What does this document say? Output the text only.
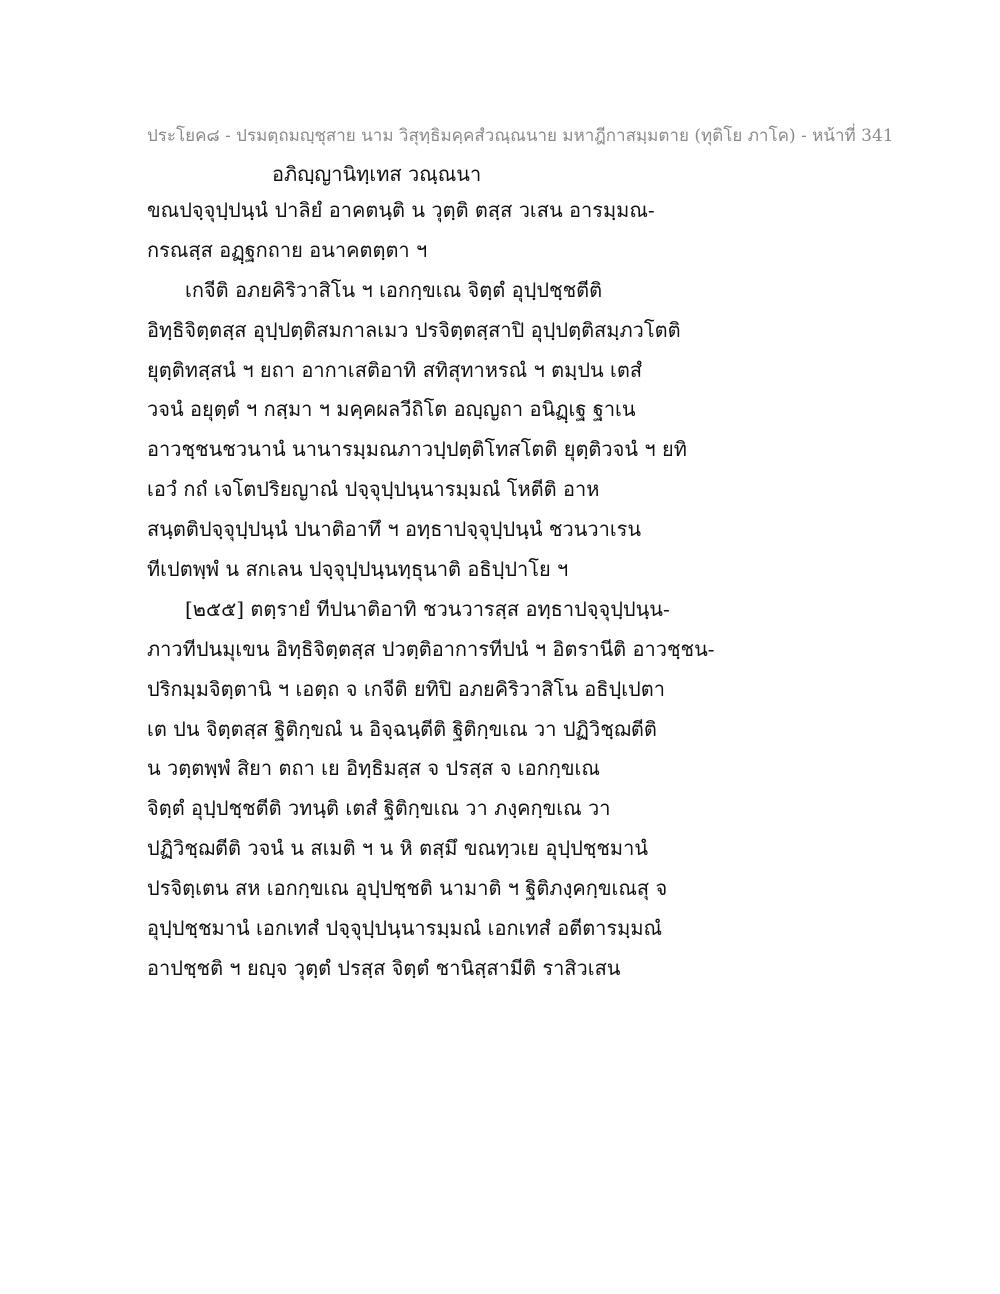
ประโยค๘ - ปรมตฺถมญฺชุสาย นาม วิสุทฺธิมคฺคสํวณฺณนาย มหาฎีกาสมฺมตาย (ทุติโย ภาโค) - หน้าที่ 341
อภิญฺญานิทฺเทส วณฺณนา
ขณปจฺจุปฺปนฺนํ ปาลิยํ อาคตนฺติ น วุตฺติ ตสฺส วเสน อารมฺมณ-
กรณสฺส อฏฺฐกถาย อนาคตตฺตา ฯ
เกจีติ อภยคิริวาสิโน ฯ เอกกฺขเณ จิตฺตํ อุปฺปชฺชตีติ
อิทฺธิจิตฺตสฺส อุปฺปตฺติสมกาลเมว ปรจิตฺตสฺสาปิ อุปฺปตฺติสมฺภวโตติ
ยุตฺติทสฺสนํ ฯ ยถา อากาเสติอาทิ สทิสุทาหรณํ ฯ ตมฺปน เตสํ
วจนํ อยุตฺตํ ฯ กสฺมา ฯ มคฺคผลวีถิโต อญฺญถา อนิฏฺเฐ ฐาเน
อาวชฺชนชวนานํ นานารมฺมณภาวปฺปตฺติโทสโตติ ยุตฺติวจนํ ฯ ยทิ
เอวํ กถํ เจโตปริยญาณํ ปจฺจุปฺปนฺนารมฺมณํ โหตีติ อาห
สนฺตติปจฺจุปฺปนฺนํ ปนาติอาทึ ฯ อทฺธาปจฺจุปฺปนฺนํ ชวนวาเรน
ทีเปตพฺพํ น สกเลน ปจฺจุปฺปนฺนทฺธุนาติ อธิปฺปาโย ฯ
[๒๕๕] ตตฺรายํ ทีปนาติอาทิ ชวนวารสฺส อทฺธาปจฺจุปฺปนฺน-
ภาวทีปนมุเขน อิทฺธิจิตฺตสฺส ปวตฺติอาการทีปนํ ฯ อิตรานีติ อาวชฺชน-
ปริกมฺมจิตฺตานิ ฯ เอตฺถ จ เกจีติ ยทิปิ อภยคิริวาสิโน อธิปฺเปตา
เต ปน จิตฺตสฺส ฐิติกฺขณํ น อิจฺฉนฺตีติ ฐิติกฺขเณ วา ปฏิวิชฺฌตีติ
น วตฺตพฺพํ สิยา ตถา เย อิทฺธิมสฺส จ ปรสฺส จ เอกกฺขเณ
จิตฺตํ อุปฺปชฺชตีติ วทนฺติ เตสํ ฐิติกฺขเณ วา ภงฺคกฺขเณ วา
ปฏิวิชฺฌตีติ วจนํ น สเมติ ฯ น หิ ตสฺมึ ขณทฺวเย อุปฺปชฺชมานํ
ปรจิตฺเตน สห เอกกฺขเณ อุปฺปชฺชติ นามาติ ฯ ฐิติภงฺคกฺขเณสุ จ
อุปฺปชฺชมานํ เอกเทสํ ปจฺจุปฺปนฺนารมฺมณํ เอกเทสํ อตีตารมฺมณํ
อาปชฺชติ ฯ ยญฺจ วุตฺตํ ปรสฺส จิตฺตํ ชานิสฺสามีติ ราสิวเสน
